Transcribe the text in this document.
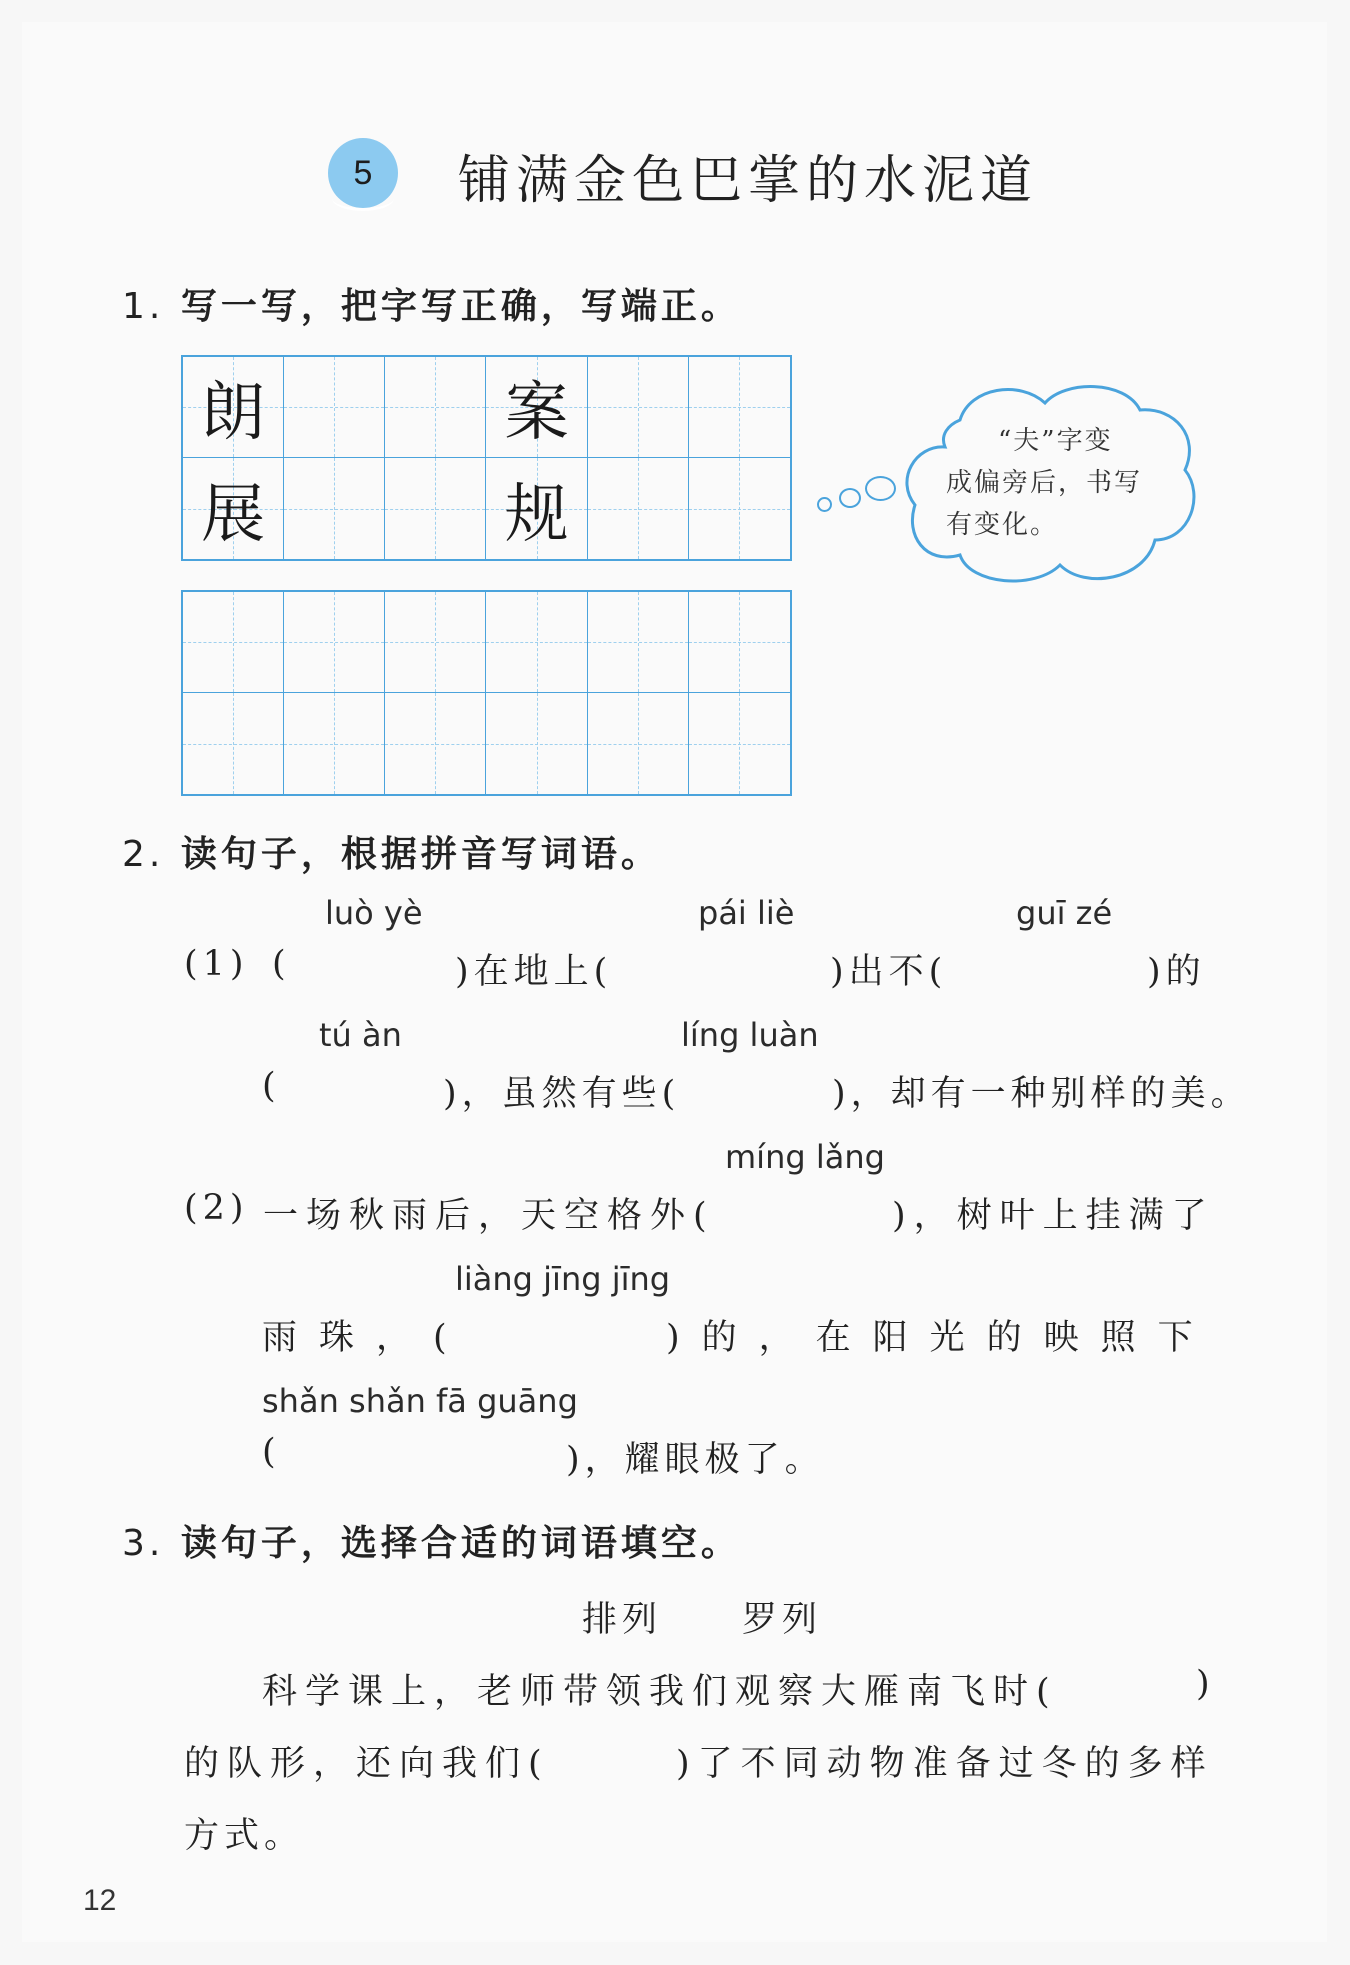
5	铺满金色巴掌的水泥道
1. 写一写，把字写正确，写端正。
朗	案
展	规
“夫”字变
成偏旁后，书写
有变化。
2. 读句子，根据拼音写词语。
luò yè	pái liè	guī zé
(1) (	)在地上(	)出不(	)的
tú àn	líng luàn
(	)，虽然有些(	)，却有一种别样的美。
míng lǎng
(2) 一场秋雨后，天空格外(	)，树叶上挂满了
liàng jīng jīng
雨珠，(	)的，在阳光的映照下
shǎn shǎn fā guāng
(	)，耀眼极了。
3. 读句子，选择合适的词语填空。
排列 罗列
科学课上，老师带领我们观察大雁南飞时(	)
的队形，还向我们(	)了不同动物准备过冬的多样
方式。
12
